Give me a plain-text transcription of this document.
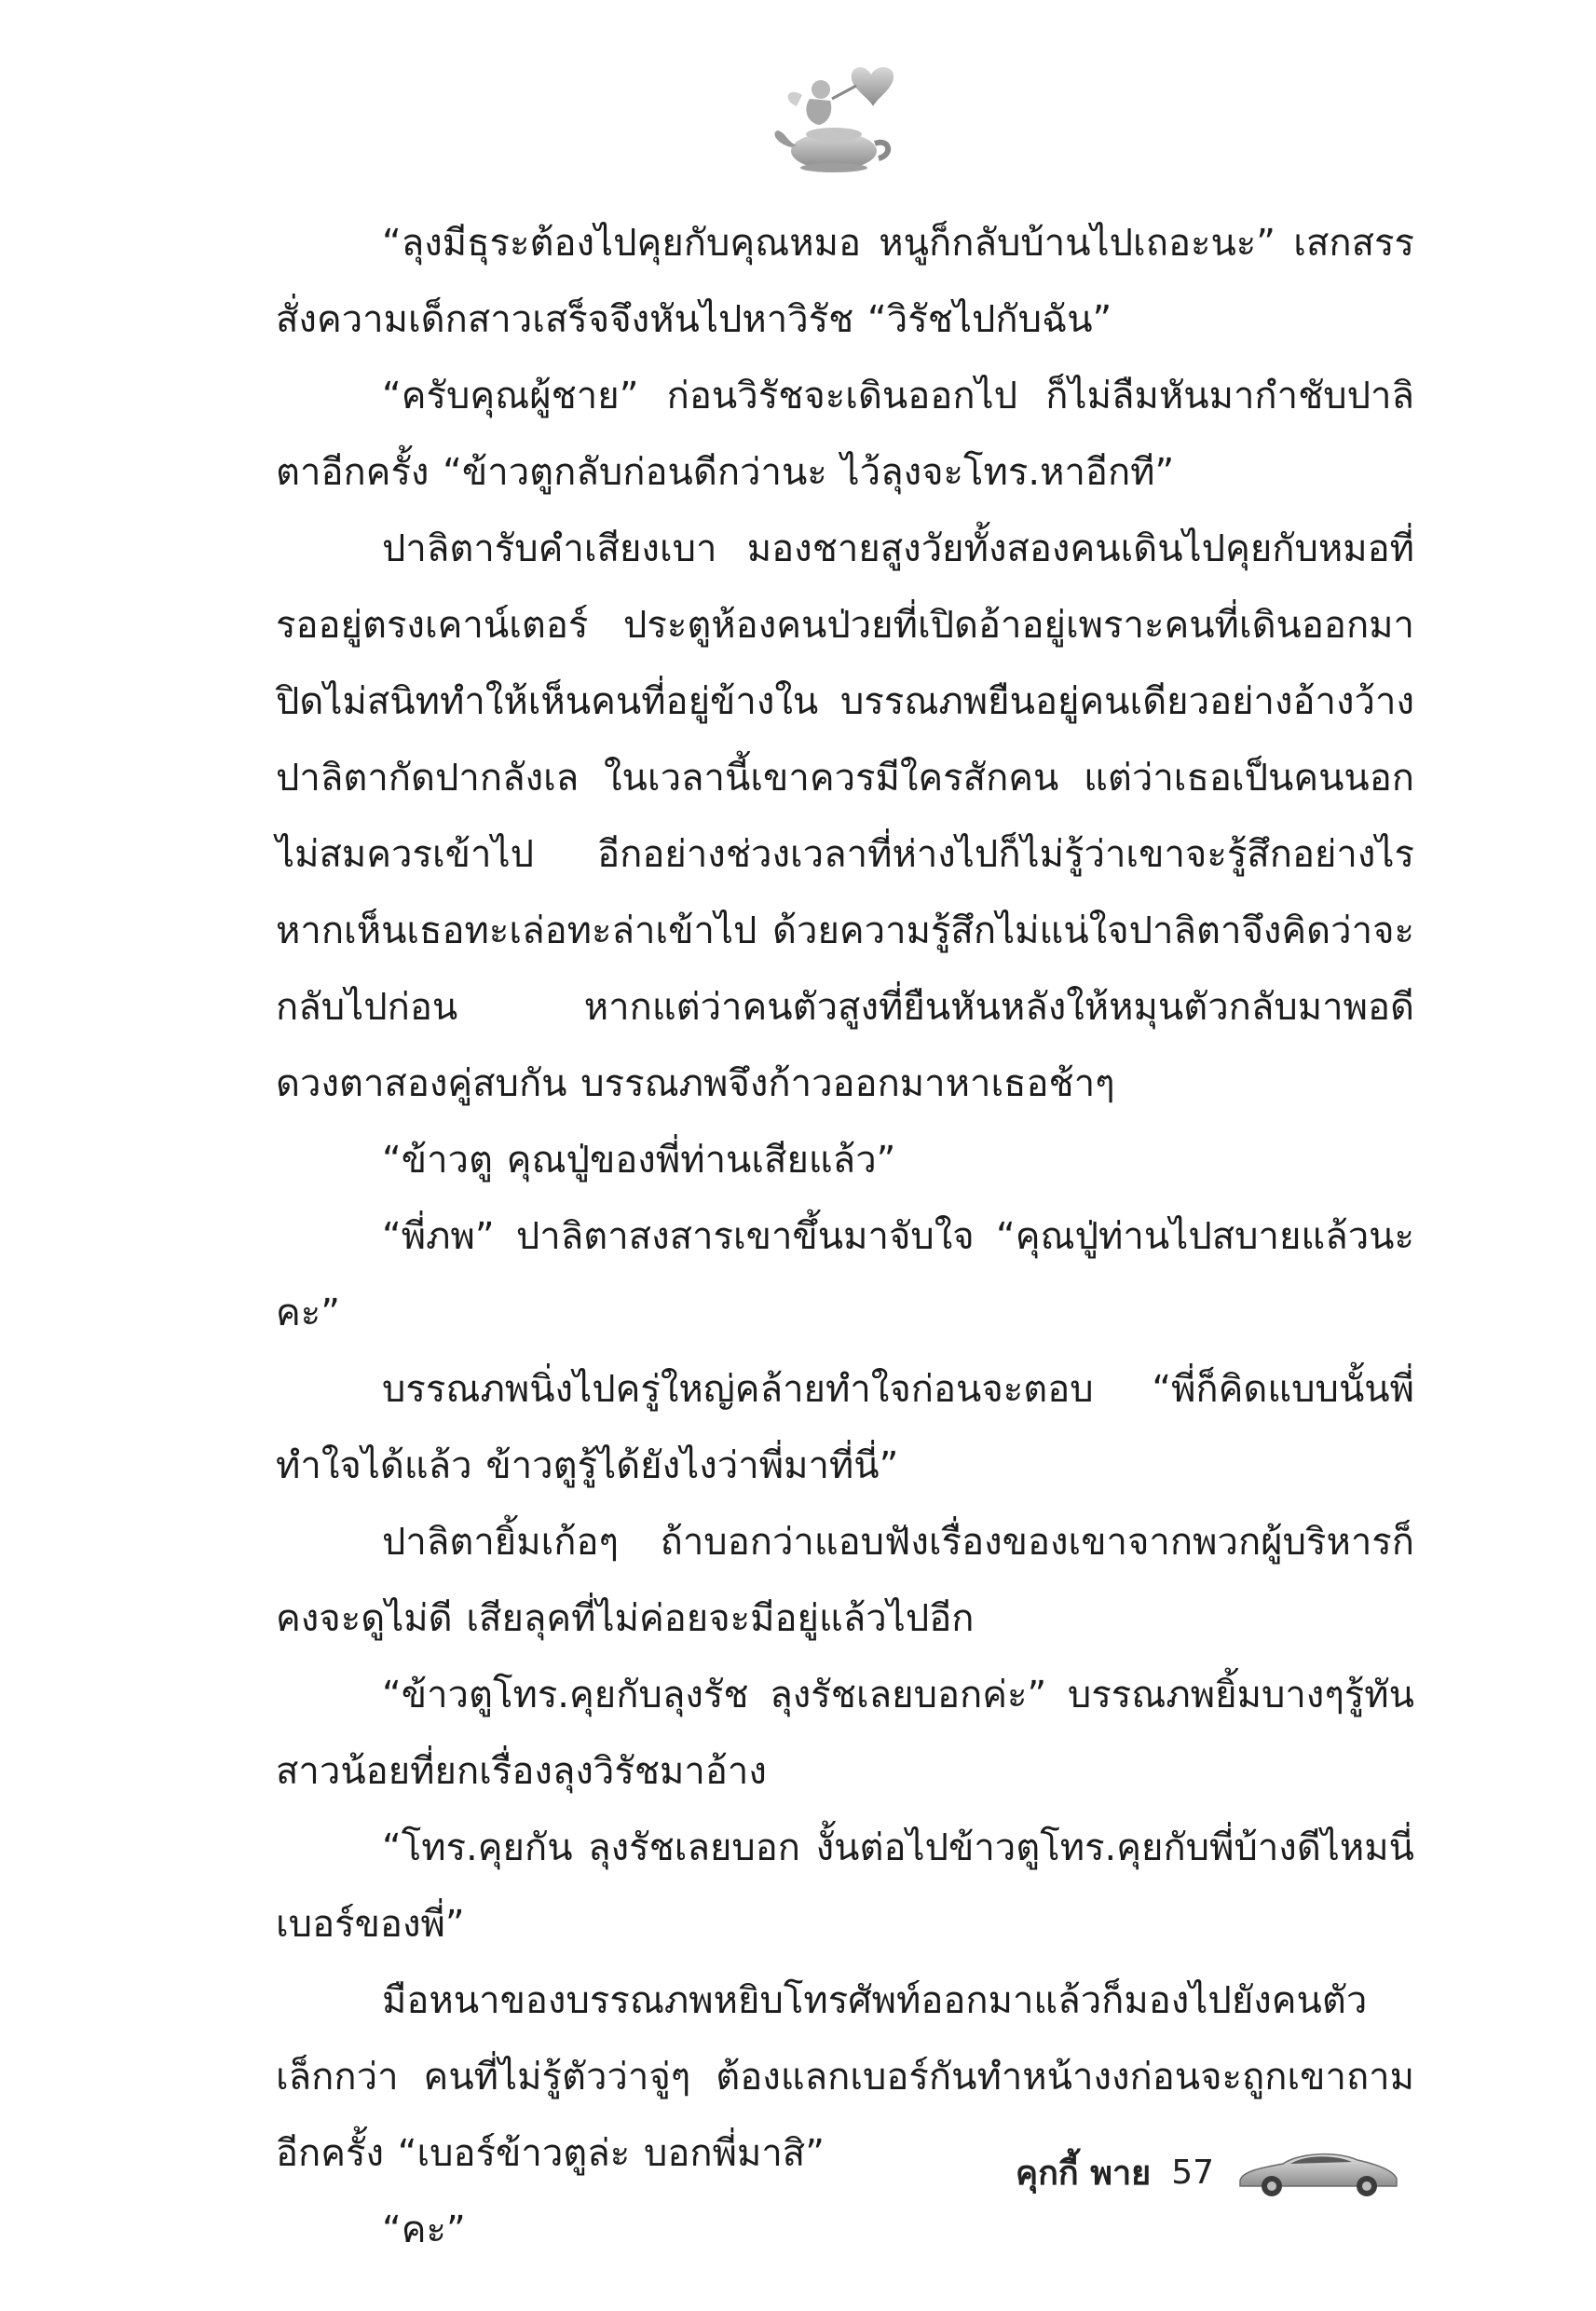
“ลุงมีธุระต้องไปคุยกับคุณหมอ หนูก็กลับบ้านไปเถอะนะ” เสกสรรสั่งความเด็กสาวเสร็จจึงหันไปหาวิรัช “วิรัชไปกับฉัน”

“ครับคุณผู้ชาย” ก่อนวิรัชจะเดินออกไป ก็ไม่ลืมหันมากำชับปาลิตาอีกครั้ง “ข้าวตูกลับก่อนดีกว่านะ ไว้ลุงจะโทร.หาอีกที”

ปาลิตารับคำเสียงเบา มองชายสูงวัยทั้งสองคนเดินไปคุยกับหมอที่รออยู่ตรงเคาน์เตอร์ ประตูห้องคนป่วยที่เปิดอ้าอยู่เพราะคนที่เดินออกมาปิดไม่สนิททำให้เห็นคนที่อยู่ข้างใน บรรณภพยืนอยู่คนเดียวอย่างอ้างว้าง ปาลิตากัดปากลังเล ในเวลานี้เขาควรมีใครสักคน แต่ว่าเธอเป็นคนนอกไม่สมควรเข้าไป อีกอย่างช่วงเวลาที่ห่างไปก็ไม่รู้ว่าเขาจะรู้สึกอย่างไรหากเห็นเธอทะเล่อทะล่าเข้าไป ด้วยความรู้สึกไม่แน่ใจปาลิตาจึงคิดว่าจะกลับไปก่อน หากแต่ว่าคนตัวสูงที่ยืนหันหลังให้หมุนตัวกลับมาพอดี ดวงตาสองคู่สบกัน บรรณภพจึงก้าวออกมาหาเธอช้าๆ

“ข้าวตู คุณปู่ของพี่ท่านเสียแล้ว”

“พี่ภพ” ปาลิตาสงสารเขาขึ้นมาจับใจ “คุณปู่ท่านไปสบายแล้วนะคะ”

บรรณภพนิ่งไปครู่ใหญ่คล้ายทำใจก่อนจะตอบ “พี่ก็คิดแบบนั้นพี่ทำใจได้แล้ว ข้าวตูรู้ได้ยังไงว่าพี่มาที่นี่”

ปาลิตายิ้มเก้อๆ ถ้าบอกว่าแอบฟังเรื่องของเขาจากพวกผู้บริหารก็คงจะดูไม่ดี เสียลุคที่ไม่ค่อยจะมีอยู่แล้วไปอีก

“ข้าวตูโทร.คุยกับลุงรัช ลุงรัชเลยบอกค่ะ” บรรณภพยิ้มบางๆรู้ทันสาวน้อยที่ยกเรื่องลุงวิรัชมาอ้าง

“โทร.คุยกัน ลุงรัชเลยบอก งั้นต่อไปข้าวตูโทร.คุยกับพี่บ้างดีไหมนี่เบอร์ของพี่”

มือหนาของบรรณภพหยิบโทรศัพท์ออกมาแล้วก็มองไปยังคนตัวเล็กกว่า คนที่ไม่รู้ตัวว่าจู่ๆ ต้องแลกเบอร์กันทำหน้างงก่อนจะถูกเขาถามอีกครั้ง “เบอร์ข้าวตูล่ะ บอกพี่มาสิ”

“คะ”

คุกกี้ พาย 57
